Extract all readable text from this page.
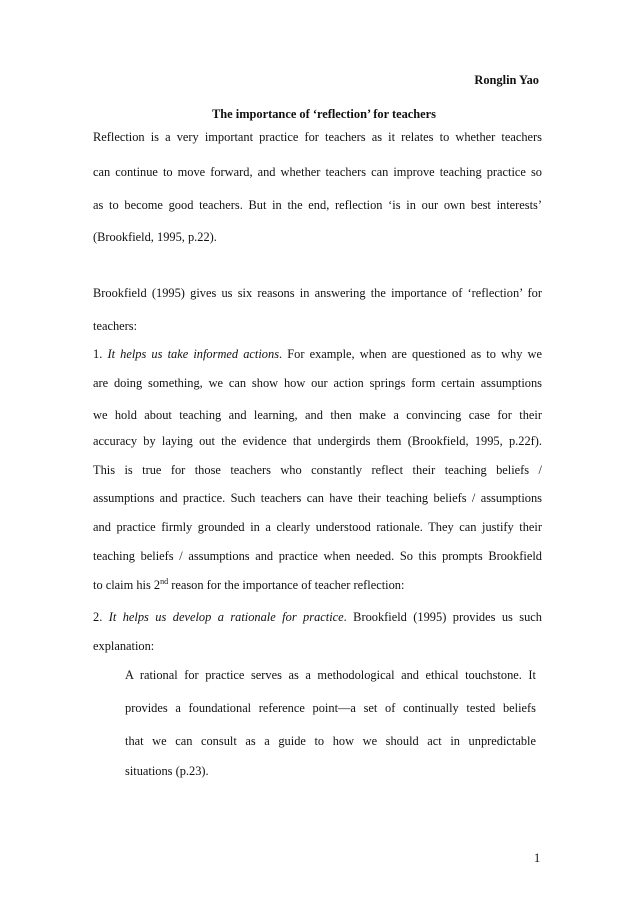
Ronglin Yao
The importance of ‘reflection’ for teachers
Reflection is a very important practice for teachers as it relates to whether teachers
can continue to move forward, and whether teachers can improve teaching practice so
as to become good teachers. But in the end, reflection ‘is in our own best interests’
(Brookfield, 1995, p.22).
Brookfield (1995) gives us six reasons in answering the importance of ‘reflection’ for
teachers:
1. It helps us take informed actions. For example, when are questioned as to why we
are doing something, we can show how our action springs form certain assumptions
we hold about teaching and learning, and then make a convincing case for their
accuracy by laying out the evidence that undergirds them (Brookfield, 1995, p.22f).
This is true for those teachers who constantly reflect their teaching beliefs /
assumptions and practice. Such teachers can have their teaching beliefs / assumptions
and practice firmly grounded in a clearly understood rationale. They can justify their
teaching beliefs / assumptions and practice when needed. So this prompts Brookfield
to claim his 2nd reason for the importance of teacher reflection:
2. It helps us develop a rationale for practice. Brookfield (1995) provides us such
explanation:
A rational for practice serves as a methodological and ethical touchstone. It
provides a foundational reference point—a set of continually tested beliefs
that we can consult as a guide to how we should act in unpredictable
situations (p.23).
1
